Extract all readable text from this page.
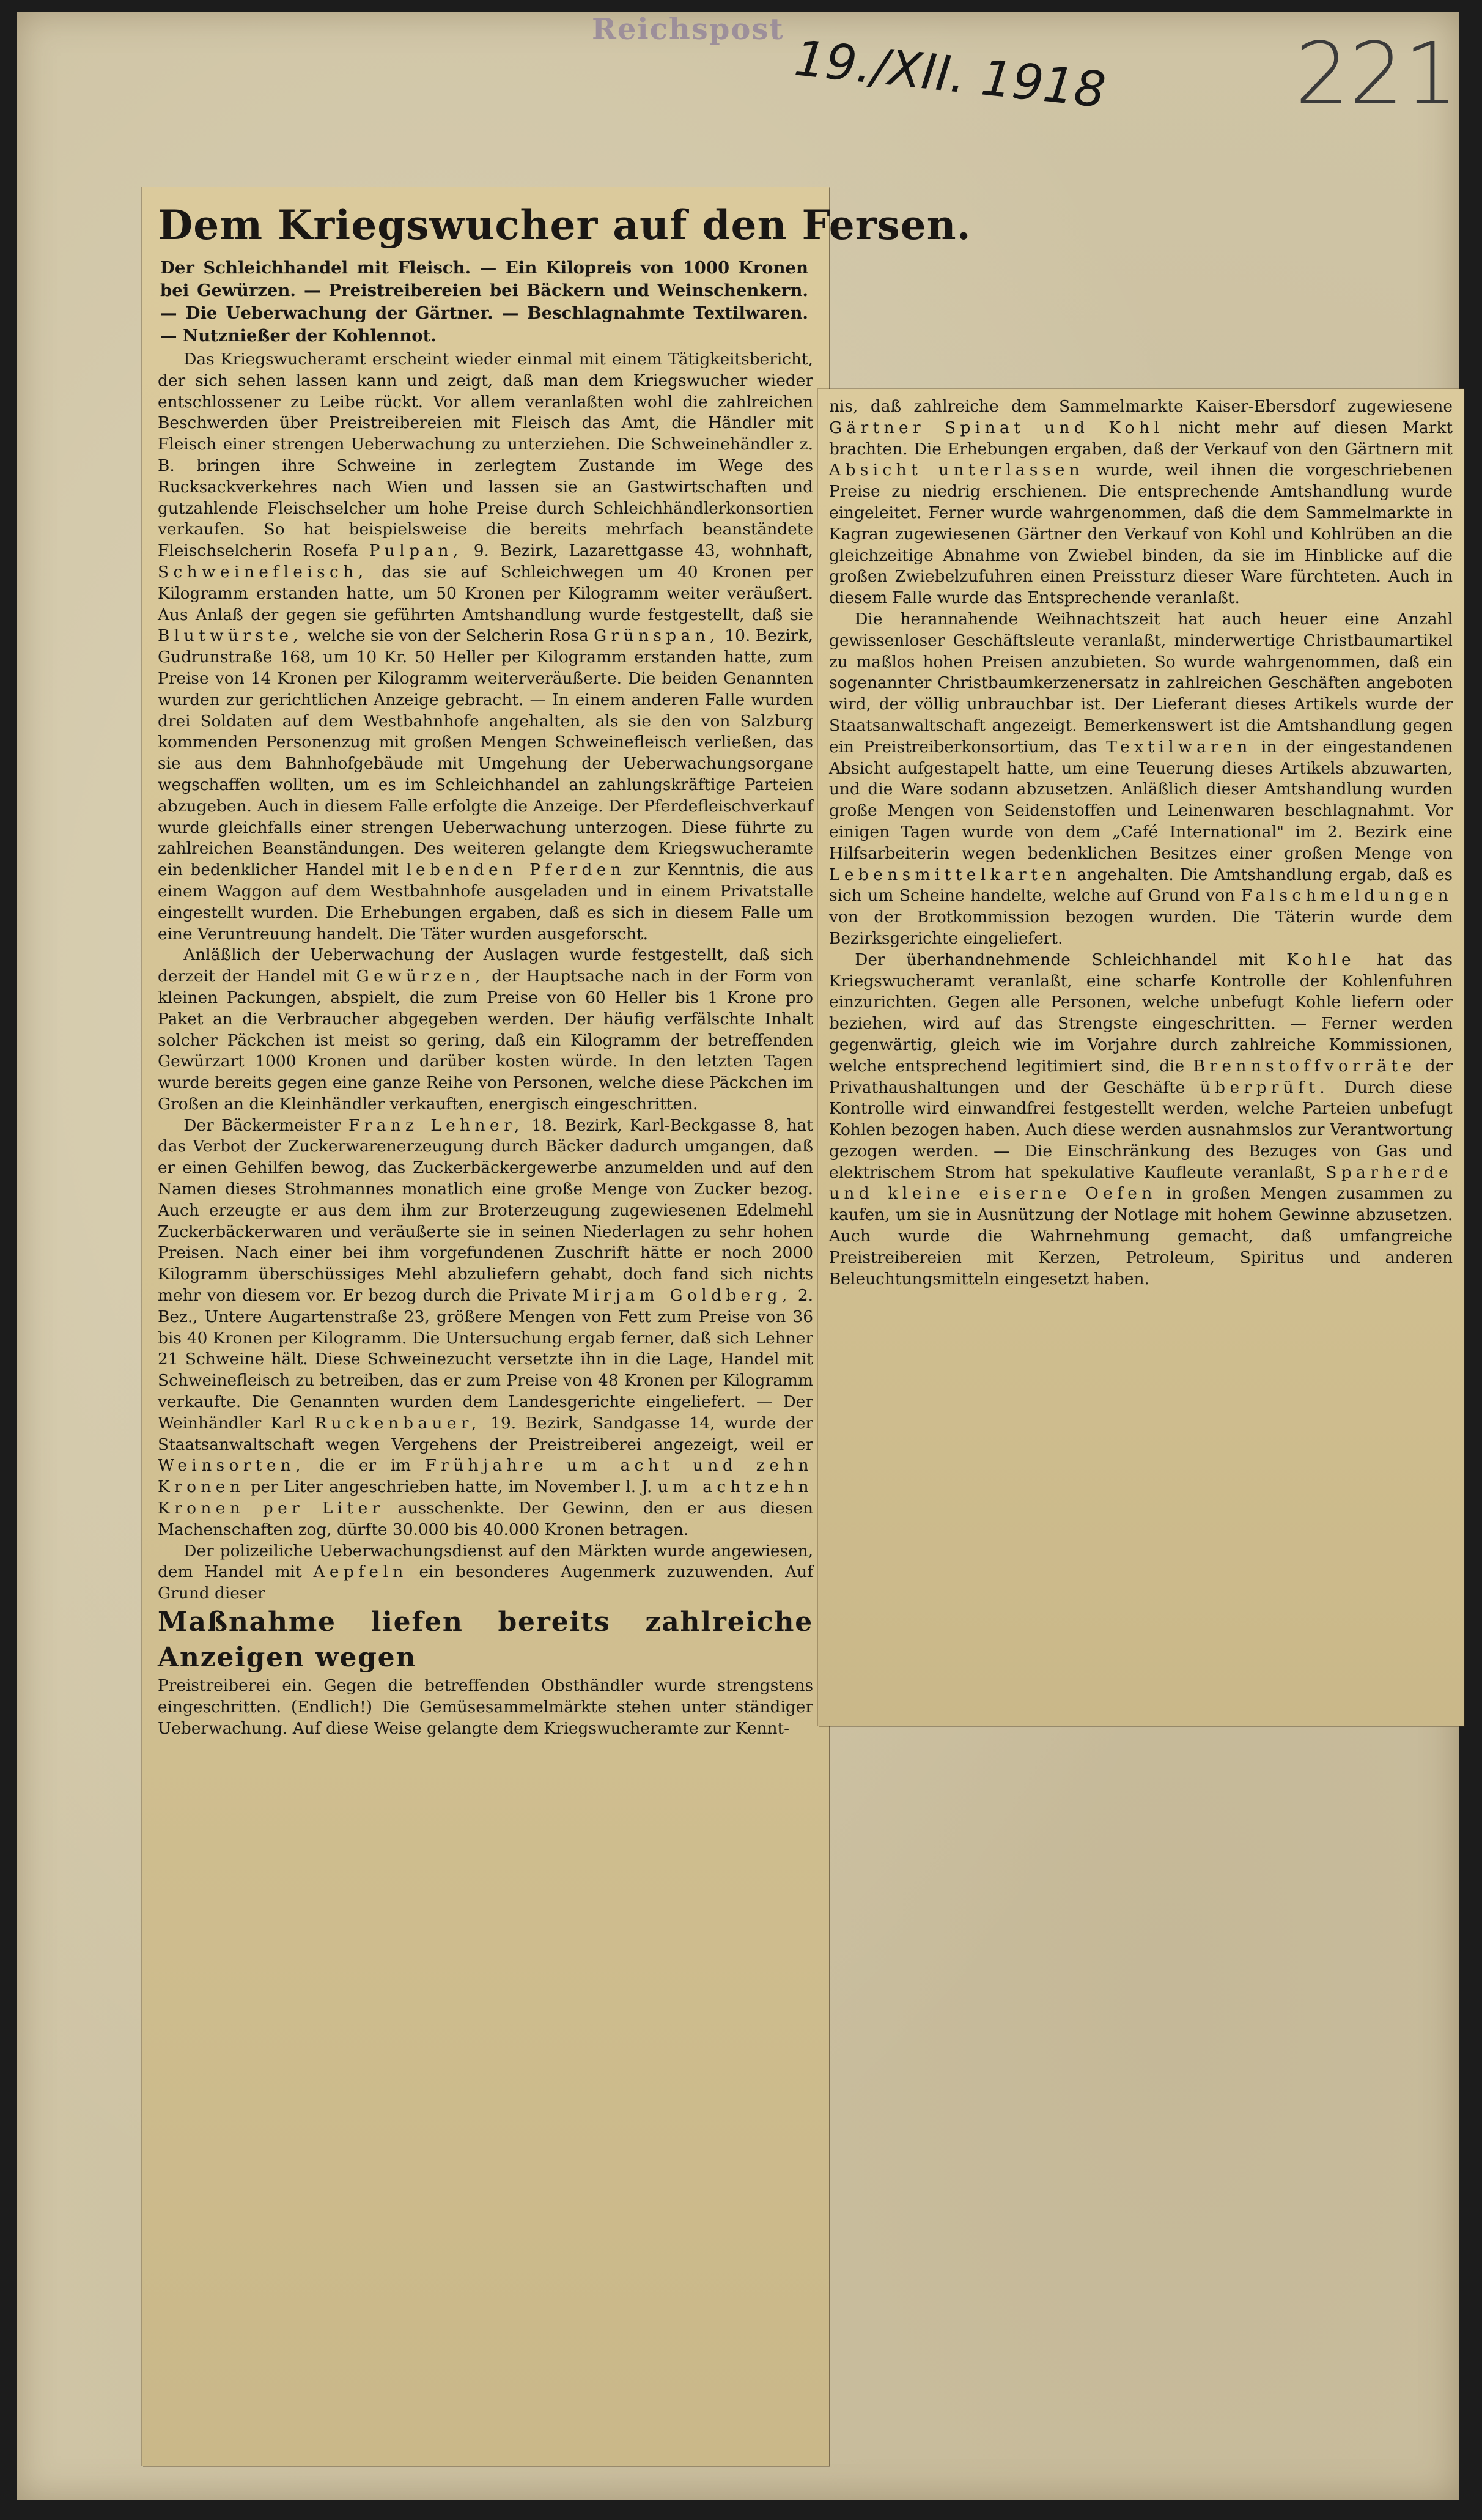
Reichspost
19./XII. 1918 221
Dem Kriegswucher auf den Fersen.
Der Schleichhandel mit Fleisch. — Ein Kilopreis von 1000 Kronen bei Gewürzen. — Preistreibereien bei Bäckern und Weinschenkern. — Die Ueberwachung der Gärtner. — Beschlagnahmte Textilwaren. — Nutznießer der Kohlennot.

Das Kriegswucheramt erscheint wieder einmal mit einem Tätigkeitsbericht, der sich sehen lassen kann und zeigt, daß man dem Kriegswucher wieder entschlossener zu Leibe rückt. Vor allem veranlaßten wohl die zahlreichen Beschwerden über Preistreibereien mit Fleisch das Amt, die Händler mit Fleisch einer strengen Ueberwachung zu unterziehen. Die Schweinehändler z. B. bringen ihre Schweine in zerlegtem Zustande im Wege des Rucksackverkehres nach Wien und lassen sie an Gastwirtschaften und gutzahlende Fleischselcher um hohe Preise durch Schleichhändlerkonsortien verkaufen. So hat beispielsweise die bereits mehrfach beanständete Fleischselcherin Rosefa Pulpan, 9. Bezirk, Lazarettgasse 43, wohnhaft, Schweinefleisch, das sie auf Schleichwegen um 40 Kronen per Kilogramm erstanden hatte, um 50 Kronen per Kilogramm weiter veräußert. Aus Anlaß der gegen sie geführten Amtshandlung wurde festgestellt, daß sie Blutwürste, welche sie von der Selcherin Rosa Grünspan, 10. Bezirk, Gudrunstraße 168, um 10 Kr. 50 Heller per Kilogramm erstanden hatte, zum Preise von 14 Kronen per Kilogramm weiterveräußerte. Die beiden Genannten wurden zur gerichtlichen Anzeige gebracht. — In einem anderen Falle wurden drei Soldaten auf dem Westbahnhofe angehalten, als sie den von Salzburg kommenden Personenzug mit großen Mengen Schweinefleisch verließen, das sie aus dem Bahnhofgebäude mit Umgehung der Ueberwachungsorgane wegschaffen wollten, um es im Schleichhandel an zahlungskräftige Parteien abzugeben. Auch in diesem Falle erfolgte die Anzeige. Der Pferdefleischverkauf wurde gleichfalls einer strengen Ueberwachung unterzogen. Diese führte zu zahlreichen Beanständungen. Des weiteren gelangte dem Kriegswucheramte ein bedenklicher Handel mit lebenden Pferden zur Kenntnis, die aus einem Waggon auf dem Westbahnhofe ausgeladen und in einem Privatstalle eingestellt wurden. Die Erhebungen ergaben, daß es sich in diesem Falle um eine Veruntreuung handelt. Die Täter wurden ausgeforscht.

Anläßlich der Ueberwachung der Auslagen wurde festgestellt, daß sich derzeit der Handel mit Gewürzen, der Hauptsache nach in der Form von kleinen Packungen, abspielt, die zum Preise von 60 Heller bis 1 Krone pro Paket an die Verbraucher abgegeben werden. Der häufig verfälschte Inhalt solcher Päckchen ist meist so gering, daß ein Kilogramm der betreffenden Gewürzart 1000 Kronen und darüber kosten würde. In den letzten Tagen wurde bereits gegen eine ganze Reihe von Personen, welche diese Päckchen im Großen an die Kleinhändler verkauften, energisch eingeschritten.

Der Bäckermeister Franz Lehner, 18. Bezirk, Karl-Beckgasse 8, hat das Verbot der Zuckerwarenerzeugung durch Bäcker dadurch umgangen, daß er einen Gehilfen bewog, das Zuckerbäckergewerbe anzumelden und auf den Namen dieses Strohmannes monatlich eine große Menge von Zucker bezog. Auch erzeugte er aus dem ihm zur Broterzeugung zugewiesenen Edelmehl Zuckerbäckerwaren und veräußerte sie in seinen Niederlagen zu sehr hohen Preisen. Nach einer bei ihm vorgefundenen Zuschrift hätte er noch 2000 Kilogramm überschüssiges Mehl abzuliefern gehabt, doch fand sich nichts mehr von diesem vor. Er bezog durch die Private Mirjam Goldberg, 2. Bez., Untere Augartenstraße 23, größere Mengen von Fett zum Preise von 36 bis 40 Kronen per Kilogramm. Die Untersuchung ergab ferner, daß sich Lehner 21 Schweine hält. Diese Schweinezucht versetzte ihn in die Lage, Handel mit Schweinefleisch zu betreiben, das er zum Preise von 48 Kronen per Kilogramm verkaufte. Die Genannten wurden dem Landesgerichte eingeliefert. — Der Weinhändler Karl Ruckenbauer, 19. Bezirk, Sandgasse 14, wurde der Staatsanwaltschaft wegen Vergehens der Preistreiberei angezeigt, weil er Weinsorten, die er im Frühjahre um acht und zehn Kronen per Liter angeschrieben hatte, im November l. J. um achtzehn Kronen per Liter ausschenkte. Der Gewinn, den er aus diesen Machenschaften zog, dürfte 30.000 bis 40.000 Kronen betragen.

Der polizeiliche Ueberwachungsdienst auf den Märkten wurde angewiesen, dem Handel mit Aepfeln ein besonderes Augenmerk zuzuwenden. Auf Grund dieser

Maßnahme liefen bereits zahlreiche Anzeigen wegen

Preistreiberei ein. Gegen die betreffenden Obsthändler wurde strengstens eingeschritten. (Endlich!) Die Gemüsesammelmärkte stehen unter ständiger Ueberwachung. Auf diese Weise gelangte dem Kriegswucheramte zur Kennt-

nis, daß zahlreiche dem Sammelmarkte Kaiser-Ebersdorf zugewiesene Gärtner Spinat und Kohl nicht mehr auf diesen Markt brachten. Die Erhebungen ergaben, daß der Verkauf von den Gärtnern mit Absicht unterlassen wurde, weil ihnen die vorgeschriebenen Preise zu niedrig erschienen. Die entsprechende Amtshandlung wurde eingeleitet. Ferner wurde wahrgenommen, daß die dem Sammelmarkte in Kagran zugewiesenen Gärtner den Verkauf von Kohl und Kohlrüben an die gleichzeitige Abnahme von Zwiebel binden, da sie im Hinblicke auf die großen Zwiebelzufuhren einen Preissturz dieser Ware fürchteten. Auch in diesem Falle wurde das Entsprechende veranlaßt.

Die herannahende Weihnachtszeit hat auch heuer eine Anzahl gewissenloser Geschäftsleute veranlaßt, minderwertige Christbaumartikel zu maßlos hohen Preisen anzubieten. So wurde wahrgenommen, daß ein sogenannter Christbaumkerzenersatz in zahlreichen Geschäften angeboten wird, der völlig unbrauchbar ist. Der Lieferant dieses Artikels wurde der Staatsanwaltschaft angezeigt. Bemerkenswert ist die Amtshandlung gegen ein Preistreiberkonsortium, das Textilwaren in der eingestandenen Absicht aufgestapelt hatte, um eine Teuerung dieses Artikels abzuwarten, und die Ware sodann abzusetzen. Anläßlich dieser Amtshandlung wurden große Mengen von Seidenstoffen und Leinenwaren beschlagnahmt. Vor einigen Tagen wurde von dem „Café International" im 2. Bezirk eine Hilfsarbeiterin wegen bedenklichen Besitzes einer großen Menge von Lebensmittelkarten angehalten. Die Amtshandlung ergab, daß es sich um Scheine handelte, welche auf Grund von Falschmeldungen von der Brotkommission bezogen wurden. Die Täterin wurde dem Bezirksgerichte eingeliefert.

Der überhandnehmende Schleichhandel mit Kohle hat das Kriegswucheramt veranlaßt, eine scharfe Kontrolle der Kohlenfuhren einzurichten. Gegen alle Personen, welche unbefugt Kohle liefern oder beziehen, wird auf das Strengste eingeschritten. — Ferner werden gegenwärtig, gleich wie im Vorjahre durch zahlreiche Kommissionen, welche entsprechend legitimiert sind, die Brennstoffvorräte der Privathaushaltungen und der Geschäfte überprüft. Durch diese Kontrolle wird einwandfrei festgestellt werden, welche Parteien unbefugt Kohlen bezogen haben. Auch diese werden ausnahmslos zur Verantwortung gezogen werden. — Die Einschränkung des Bezuges von Gas und elektrischem Strom hat spekulative Kaufleute veranlaßt, Sparherde und kleine eiserne Oefen in großen Mengen zusammen zu kaufen, um sie in Ausnützung der Notlage mit hohem Gewinne abzusetzen. Auch wurde die Wahrnehmung gemacht, daß umfangreiche Preistreibereien mit Kerzen, Petroleum, Spiritus und anderen Beleuchtungsmitteln eingesetzt haben.
